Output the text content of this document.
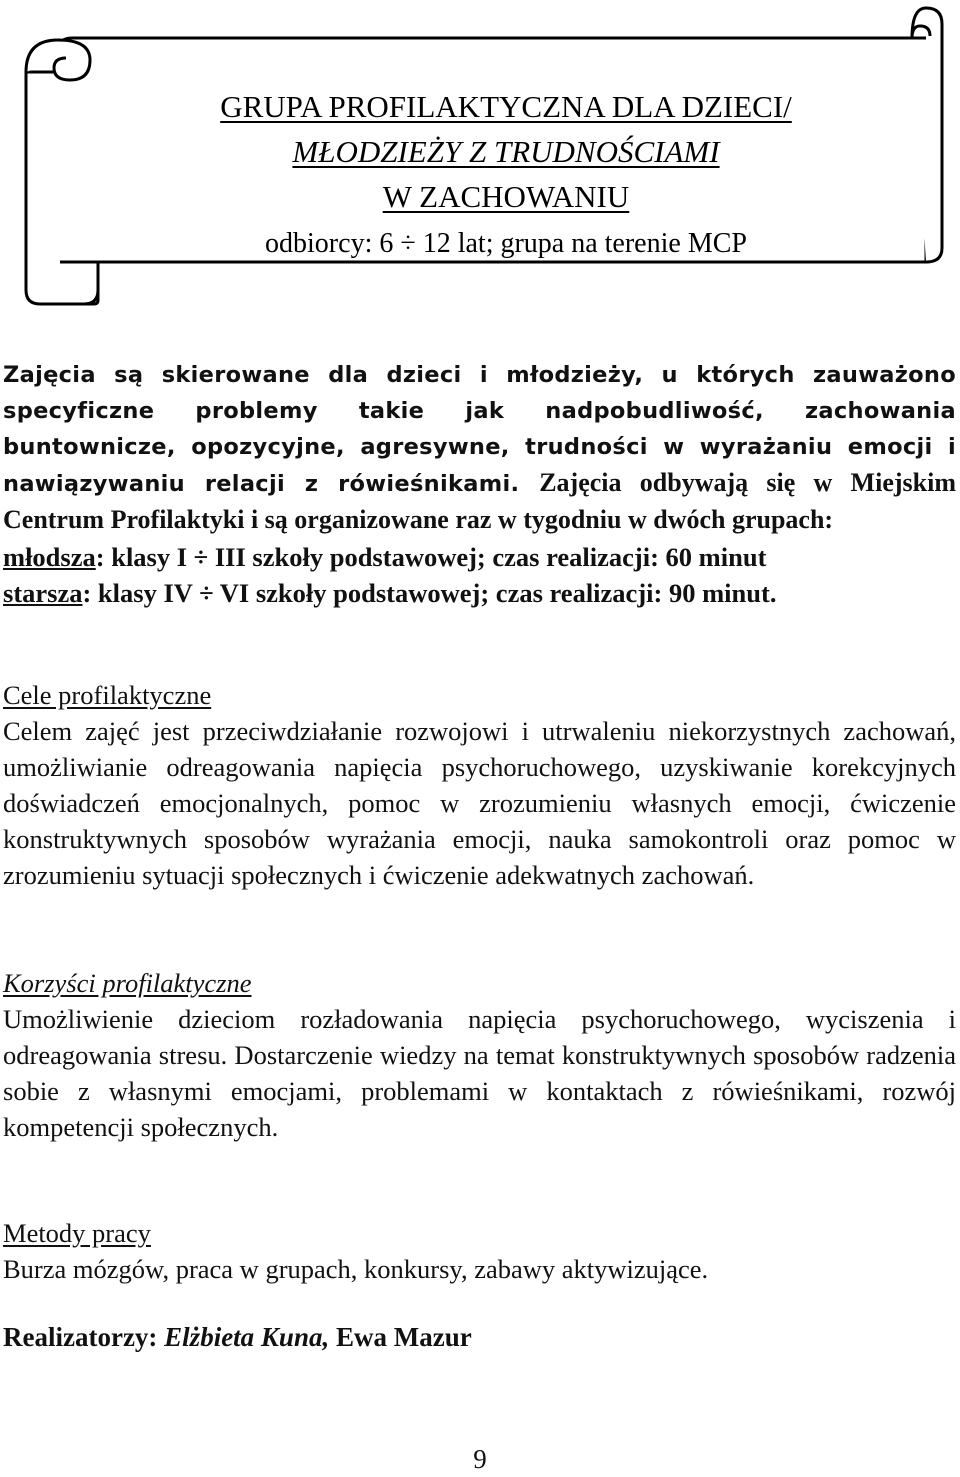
GRUPA PROFILAKTYCZNA DLA DZIECI/
MŁODZIEŻY Z TRUDNOŚCIAMI
W ZACHOWANIU
odbiorcy: 6 ÷ 12 lat; grupa na terenie MCP

Zajęcia są skierowane dla dzieci i młodzieży, u których zauważono specyficzne problemy takie jak nadpobudliwość, zachowania buntownicze, opozycyjne, agresywne, trudności w wyrażaniu emocji i nawiązywaniu relacji z rówieśnikami. Zajęcia odbywają się w Miejskim Centrum Profilaktyki i są organizowane raz w tygodniu w dwóch grupach:

młodsza: klasy I ÷ III szkoły podstawowej; czas realizacji: 60 minut
starsza: klasy IV ÷ VI szkoły podstawowej; czas realizacji: 90 minut.
Cele profilaktyczne

Celem zajęć jest przeciwdziałanie rozwojowi i utrwaleniu niekorzystnych zachowań, umożliwianie odreagowania napięcia psychoruchowego, uzyskiwanie korekcyjnych doświadczeń emocjonalnych, pomoc w zrozumieniu własnych emocji, ćwiczenie konstruktywnych sposobów wyrażania emocji, nauka samokontroli oraz pomoc w zrozumieniu sytuacji społecznych i ćwiczenie adekwatnych zachowań.

Korzyści profilaktyczne

Umożliwienie dzieciom rozładowania napięcia psychoruchowego, wyciszenia i odreagowania stresu. Dostarczenie wiedzy na temat konstruktywnych sposobów radzenia sobie z własnymi emocjami, problemami w kontaktach z rówieśnikami, rozwój kompetencji społecznych.

Metody pracy

Burza mózgów, praca w grupach, konkursy, zabawy aktywizujące.

Realizatorzy: Elżbieta Kuna, Ewa Mazur
9
